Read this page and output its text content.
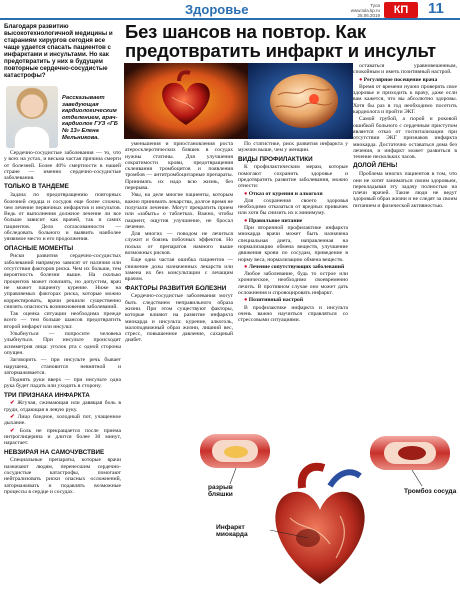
Здоровье	Тула www.tula.kp.ru 25.06.2019	КП	11
Благодаря развитию высокотехнологичной медицины и стараниям хирургов сегодня все чаще удается спасать пациентов с инфарктами и инсультами. Но как предотвратить у них в будущем повторные сердечно-сосудистые катастрофы?
Рассказывает заведующая кардиологическим отделением, врач-кардиолог ГУЗ «ГБ № 13» Елена Мельникова.
Без шансов на повтор. Как предотвратить инфаркт и инсульт

Сердечно-сосудистые заболевания — то, что у всех на устах, и весьма частая причина смерти от болезней. Более 40% смертности в нашей стране — именно сердечно-сосудистые заболевания.

ТОЛЬКО В ТАНДЕМЕ

Задача по предотвращению повторных болезней сердца и сосудов еще более сложна, чем лечение первичных инфарктов и инсультов. Ведь от выполнения должное лечение ли все больше зависит как врачей, так и самих пациентов. Дело согласованности — обследовать больного и выявить наиболее уязвимое место и его продолжения.

ОПАСНЫЕ МОМЕНТЫ

Риски развития сердечно-сосудистых заболеваний напрямую зависят от наличия или отсутствия факторов риска. Чем их больше, тем вероятность болезни выше. На сколько процентов может повлиять, но допустим, врач не может пациенту курение. Ниже на управляемых факторах риска, которые можно корректировать, врачи решили существенно снизить опасность возникновения заболеваний.

Так оценка ситуации необходима прежде всего — тем больше шансов предотвратить второй инфаркт или инсульт.

Улыбнуться — попросите человека улыбнуться. При инсульте происходит асимметрия лица: уголок рта с одной стороны опущен.

Заговорить — при инсульте речь бывает нарушена, становится невнятной и затормаживается.

Поднять руки вверх — при инсульте одна рука будет падать или уходить в сторону.

ТРИ ПРИЗНАКА ИНФАРКТА

✔ Жгучая, сжимающая или давящая боль в груди, отдающая в левую руку.

✔ Лицо бледное, холодный пот, учащенное дыхание.

✔ Боль не прекращается после приема нитроглицерина и длится более 30 минут, нарастает.

НЕВЗИРАЯ НА САМОЧУВСТВИЕ

Специальные препараты, которые врачи назначают людям, перенесшим сердечно-сосудистые катастрофы, помогают нейтрализовать риски опасных осложнений, затормаживать и подавлять возможные процессы в сердце и сосудах.

уменьшения и приостановления роста атеросклеротических бляшек в сосудах нужны статины. Для улучшения сократимости крови, предотвращения склеивания тромбоцитов и появления тромбов — антитромбоцитарные препараты. Принимать их надо всю жизнь, без перерыва.

Увы, на деле многие пациенты, которым важно принимать лекарства, долгое время не получали лечение. Могут прекратить прием или «забыть» о таблетках. Важно, чтобы пациент, ощутив улучшение, не бросал лечение.

Для многих — поводом не лечиться служит и боязнь побочных эффектов. Но польза от препаратов намного выше возможных рисков.

Еще одна частая ошибка пациентов — снижение дозы назначенных лекарств или замена их без консультации с лечащим врачом.

ФАКТОРЫ РАЗВИТИЯ БОЛЕЗНИ

Сердечно-сосудистые заболевания могут быть следствием неправильного образа жизни. При этом существуют факторы, которые влияют на развитие инфаркта миокарда и инсульта: курение, алкоголь, малоподвижный образ жизни, лишний вес, стресс, повышенное давление, сахарный диабет.

По статистике, риск развития инфаркта у мужчин выше, чем у женщин.

ВИДЫ ПРОФИЛАКТИКИ

К профилактическим мерам, которые помогают сохранить здоровье и предотвратить развитие заболевания, можно отнести:

● Отказ от курения и алкоголя

Для сохранения своего здоровья необходимо отказаться от вредных привычек или хотя бы снизить их к минимуму.

● Правильное питание

При вторичной профилактике инфаркта миокарда врачи может быть назначена специальная диета, направленная на нормализацию обмена веществ, улучшение движения крови по сосудам, приведение в норму веса, нормализацию обмена веществ.

● Лечение сопутствующих заболеваний

Любое заболевание, будь то острое или хроническое, необходимо своевременно лечить. В противном случае оно может дать осложнения и спровоцировать инфаркт.

● Позитивный настрой

В профилактике инфаркта и инсульта очень важно научиться справляться со стрессовыми ситуациями.

оставаться уравновешенным, спокойным и иметь позитивный настрой.

● Регулярное посещение врача

Время от времени нужно проверять свое здоровье и приходить к врачу, даже если вам кажется, что вы абсолютно здоровы. Хотя бы раз в год необходимо посетить кардиолога и пройти ЭКГ.

Самой грубой, а порой и роковой ошибкой больного с сердечным приступом является отказ от госпитализации при отсутствии ЭКГ признаков инфаркта миокарда. Достаточно оставаться дома без лечения, и инфаркт может развиться в течение нескольких часов.

ДОЛОЙ ЛЕНЬ!

Проблема многих пациентов в том, что они не хотят заниматься своим здоровьем, перекладывая эту задачу полностью на плечи врачей. Такие люди не ведут здоровый образ жизни и не следят за своим питанием и физической активностью.

разрыв бляшки	Тромбоз сосуда
Инфаркт миокарда
